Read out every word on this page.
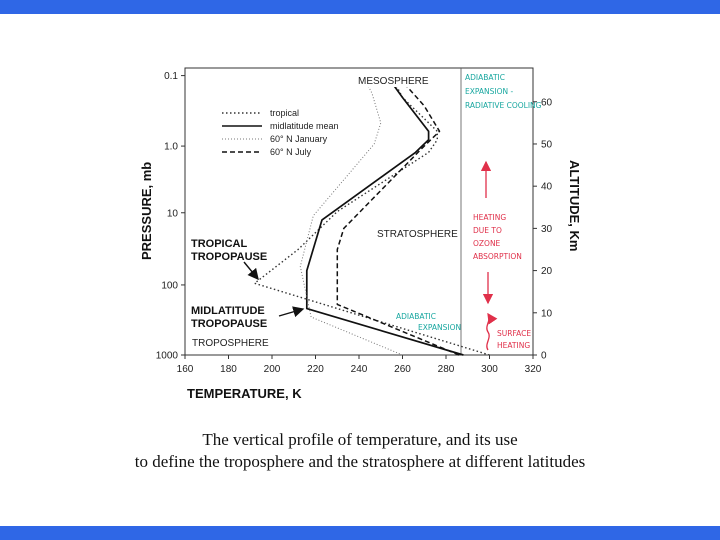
160	180	200	220	240	260	280	300	320
0.1
1.0
10
100
1000	0
10
20
30
40
50
60
TEMPERATURE, K
PRESSURE, mb	ALTITUDE, Km
tropical
midlatitude mean
60° N January
60° N July
MESOSPHERE
STRATOSPHERE
TROPOSPHERE
TROPICAL
TROPOPAUSE
MIDLATITUDE
TROPOPAUSE
ADIABATIC
EXPANSION -
RADIATIVE COOLING
HEATING
DUE TO
OZONE
ABSORPTION
ADIABATIC
EXPANSION
SURFACE
HEATING
The vertical profile of temperature, and its use
to define the troposphere and the stratosphere at different latitudes
